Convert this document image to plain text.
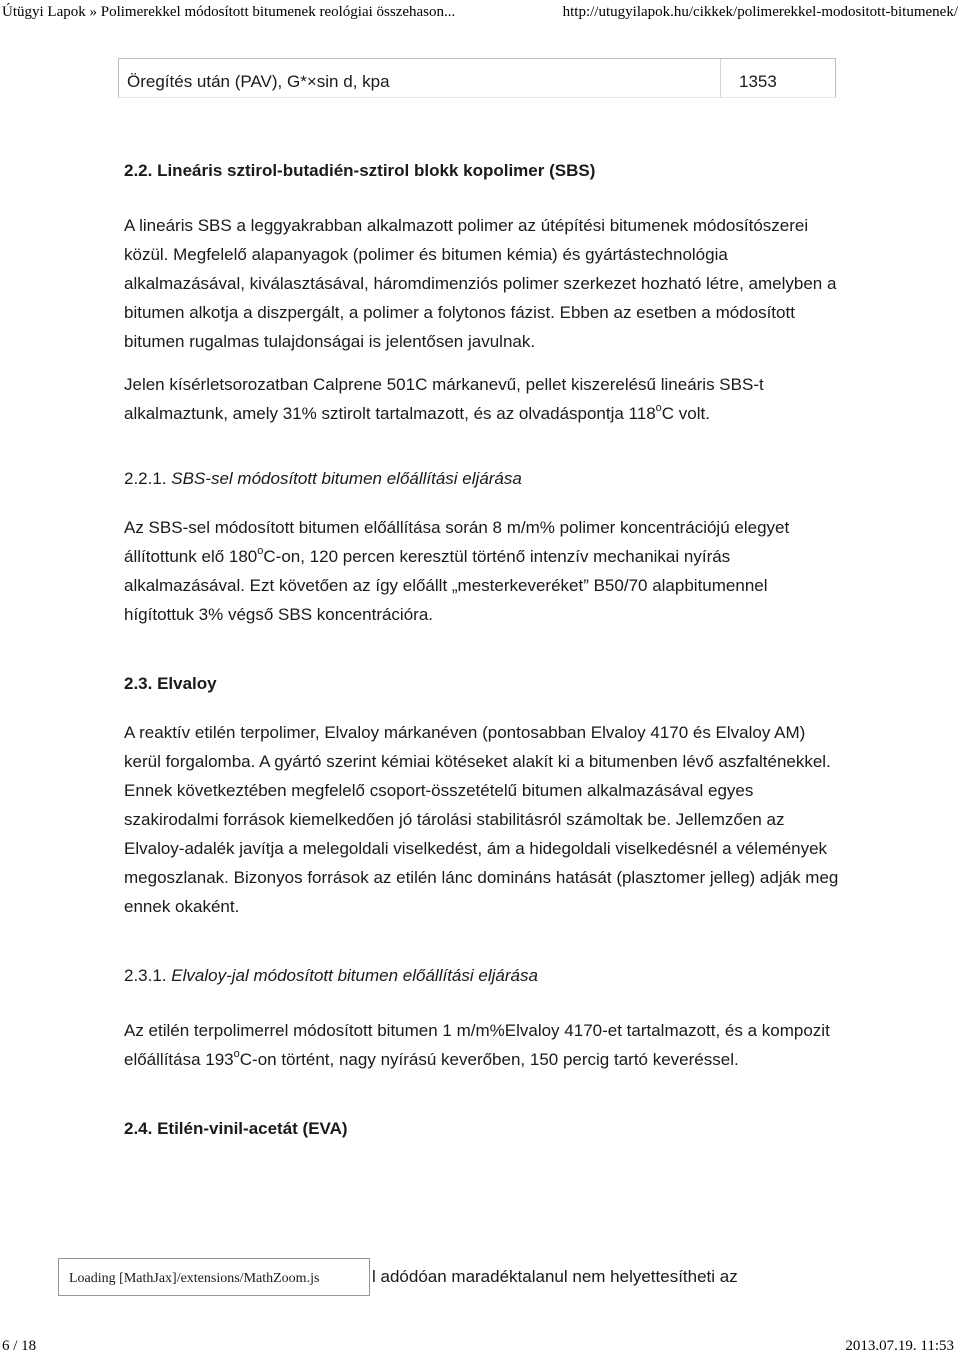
Útügyi Lapok » Polimerekkel módosított bitumenek reológiai összehason...	http://utugyilapok.hu/cikkek/polimerekkel-modositott-bitumenek/
Öregítés után (PAV), G*×sin d, kpa	1353
2.2. Lineáris sztirol-butadién-sztirol blokk kopolimer (SBS)

A lineáris SBS a leggyakrabban alkalmazott polimer az útépítési bitumenek módosítószerei közül. Megfelelő alapanyagok (polimer és bitumen kémia) és gyártástechnológia alkalmazásával, kiválasztásával, háromdimenziós polimer szerkezet hozható létre, amelyben a bitumen alkotja a diszpergált, a polimer a folytonos fázist. Ebben az esetben a módosított bitumen rugalmas tulajdonságai is jelentősen javulnak.

Jelen kísérletsorozatban Calprene 501C márkanevű, pellet kiszerelésű lineáris SBS-t alkalmaztunk, amely 31% sztirolt tartalmazott, és az olvadáspontja 118$^o$C volt.

2.2.1. SBS-sel módosított bitumen előállítási eljárása

Az SBS-sel módosított bitumen előállítása során 8 m/m% polimer koncentrációjú elegyet állítottunk elő 180$^o$C-on, 120 percen keresztül történő intenzív mechanikai nyírás alkalmazásával. Ezt követően az így előállt „mesterkeveréket” B50/70 alapbitumennel hígítottuk 3% végső SBS koncentrációra.

2.3. Elvaloy

A reaktív etilén terpolimer, Elvaloy márkanéven (pontosabban Elvaloy 4170 és Elvaloy AM) kerül forgalomba. A gyártó szerint kémiai kötéseket alakít ki a bitumenben lévő aszfalténekkel. Ennek következtében megfelelő csoport-összetételű bitumen alkalmazásával egyes szakirodalmi források kiemelkedően jó tárolási stabilitásról számoltak be. Jellemzően az Elvaloy-adalék javítja a melegoldali viselkedést, ám a hidegoldali viselkedésnél a vélemények megoszlanak. Bizonyos források az etilén lánc domináns hatását (plasztomer jelleg) adják meg ennek okaként.

2.3.1. Elvaloy-jal módosított bitumen előállítási eljárása

Az etilén terpolimerrel módosított bitumen 1 m/m%Elvaloy 4170-et tartalmazott, és a kompozit előállítása 193$^o$C-on történt, nagy nyírású keverőben, 150 percig tartó keveréssel.

2.4. Etilén-vinil-acetát (EVA)
l adódóan maradéktalanul nem helyettesítheti az
Loading [MathJax]/extensions/MathZoom.js
6 / 18	2013.07.19. 11:53
